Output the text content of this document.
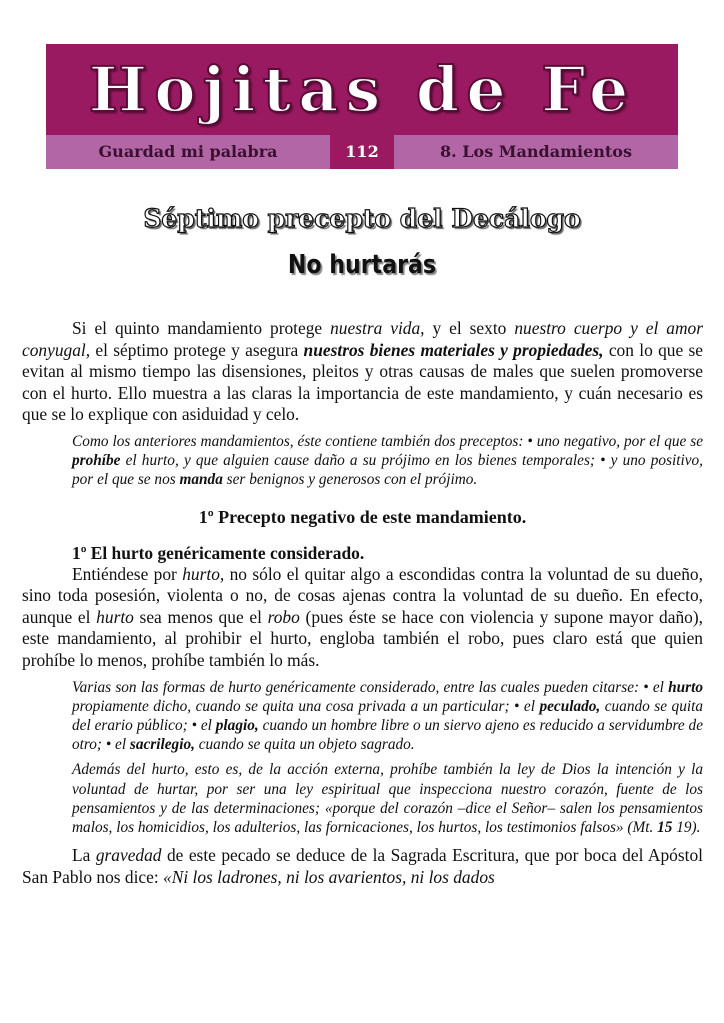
Hojitas de Fe
Guardad mi palabra	112	8. Los Mandamientos
Séptimo precepto del Decálogo
No hurtarás

Si el quinto mandamiento protege nuestra vida, y el sexto nuestro cuerpo y el amor conyugal, el séptimo protege y asegura nuestros bienes materiales y propiedades, con lo que se evitan al mismo tiempo las disensiones, pleitos y otras causas de males que suelen promoverse con el hurto. Ello muestra a las claras la importancia de este mandamiento, y cuán necesario es que se lo explique con asiduidad y celo.

Como los anteriores mandamientos, éste contiene también dos preceptos: • uno negativo, por el que se prohíbe el hurto, y que alguien cause daño a su prójimo en los bienes temporales; • y uno positivo, por el que se nos manda ser benignos y generosos con el prójimo.

1º Precepto negativo de este mandamiento.
1º El hurto genéricamente considerado.

Entiéndese por hurto, no sólo el quitar algo a escondidas contra la voluntad de su dueño, sino toda posesión, violenta o no, de cosas ajenas contra la voluntad de su dueño. En efecto, aunque el hurto sea menos que el robo (pues éste se hace con violencia y supone mayor daño), este mandamiento, al prohibir el hurto, engloba también el robo, pues claro está que quien prohíbe lo menos, prohíbe también lo más.

Varias son las formas de hurto genéricamente considerado, entre las cuales pueden citarse: • el hurto propiamente dicho, cuando se quita una cosa privada a un particular; • el peculado, cuando se quita del erario público; • el plagio, cuando un hombre libre o un siervo ajeno es reducido a servidumbre de otro; • el sacrilegio, cuando se quita un objeto sagrado.

Además del hurto, esto es, de la acción externa, prohíbe también la ley de Dios la intención y la voluntad de hurtar, por ser una ley espiritual que inspecciona nuestro corazón, fuente de los pensamientos y de las determinaciones; «porque del corazón –dice el Señor– salen los pensamientos malos, los homicidios, los adulterios, las fornicaciones, los hurtos, los testimonios falsos» (Mt. 15 19).

La gravedad de este pecado se deduce de la Sagrada Escritura, que por boca del Apóstol San Pablo nos dice: «Ni los ladrones, ni los avarientos, ni los dados
